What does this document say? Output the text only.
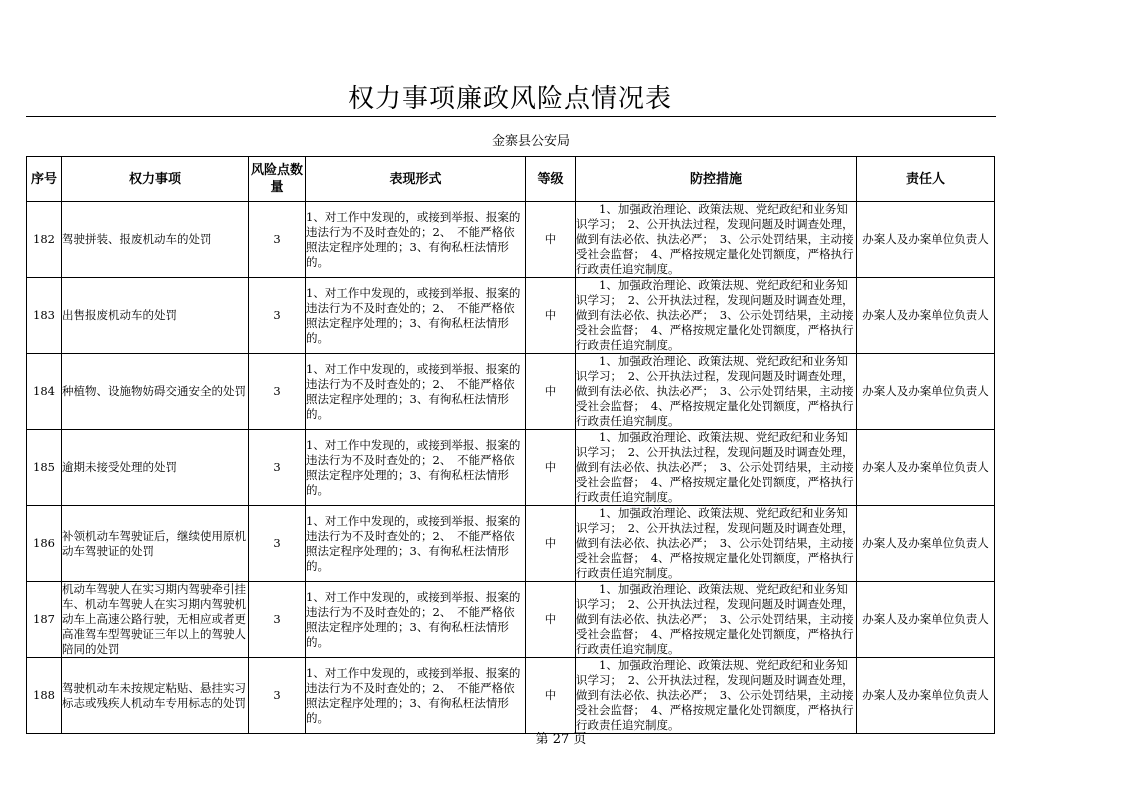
权力事项廉政风险点情况表
金寨县公安局
序号	权力事项	风险点数量	表现形式	等级	防控措施	责任人
182	驾驶拼装、报废机动车的处罚	3	1、对工作中发现的，或接到举报、报案的违法行为不及时查处的；2、　不能严格依照法定程序处理的；3、有徇私枉法情形的。	中	　　1、加强政治理论、政策法规、党纪政纪和业务知识学习；　2、公开执法过程，发现问题及时调查处理，做到有法必依、执法必严；　3、公示处罚结果，主动接受社会监督；　4、严格按规定量化处罚额度，严格执行行政责任追究制度。	办案人及办案单位负责人
183	出售报废机动车的处罚	3	1、对工作中发现的，或接到举报、报案的违法行为不及时查处的；2、　不能严格依照法定程序处理的；3、有徇私枉法情形的。	中	　　1、加强政治理论、政策法规、党纪政纪和业务知识学习；　2、公开执法过程，发现问题及时调查处理，做到有法必依、执法必严；　3、公示处罚结果，主动接受社会监督；　4、严格按规定量化处罚额度，严格执行行政责任追究制度。	办案人及办案单位负责人
184	种植物、设施物妨碍交通安全的处罚	3	1、对工作中发现的，或接到举报、报案的违法行为不及时查处的；2、　不能严格依照法定程序处理的；3、有徇私枉法情形的。	中	　　1、加强政治理论、政策法规、党纪政纪和业务知识学习；　2、公开执法过程，发现问题及时调查处理，做到有法必依、执法必严；　3、公示处罚结果，主动接受社会监督；　4、严格按规定量化处罚额度，严格执行行政责任追究制度。	办案人及办案单位负责人
185	逾期未接受处理的处罚	3	1、对工作中发现的，或接到举报、报案的违法行为不及时查处的；2、　不能严格依照法定程序处理的；3、有徇私枉法情形的。	中	　　1、加强政治理论、政策法规、党纪政纪和业务知识学习；　2、公开执法过程，发现问题及时调查处理，做到有法必依、执法必严；　3、公示处罚结果，主动接受社会监督；　4、严格按规定量化处罚额度，严格执行行政责任追究制度。	办案人及办案单位负责人
186	补领机动车驾驶证后，继续使用原机动车驾驶证的处罚	3	1、对工作中发现的，或接到举报、报案的违法行为不及时查处的；2、　不能严格依照法定程序处理的；3、有徇私枉法情形的。	中	　　1、加强政治理论、政策法规、党纪政纪和业务知识学习；　2、公开执法过程，发现问题及时调查处理，做到有法必依、执法必严；　3、公示处罚结果，主动接受社会监督；　4、严格按规定量化处罚额度，严格执行行政责任追究制度。	办案人及办案单位负责人
187	机动车驾驶人在实习期内驾驶牵引挂车、机动车驾驶人在实习期内驾驶机动车上高速公路行驶，无相应或者更高准驾车型驾驶证三年以上的驾驶人陪同的处罚	3	1、对工作中发现的，或接到举报、报案的违法行为不及时查处的；2、　不能严格依照法定程序处理的；3、有徇私枉法情形的。	中	　　1、加强政治理论、政策法规、党纪政纪和业务知识学习；　2、公开执法过程，发现问题及时调查处理，做到有法必依、执法必严；　3、公示处罚结果，主动接受社会监督；　4、严格按规定量化处罚额度，严格执行行政责任追究制度。	办案人及办案单位负责人
188	驾驶机动车未按规定粘贴、悬挂实习标志或残疾人机动车专用标志的处罚	3	1、对工作中发现的，或接到举报、报案的违法行为不及时查处的；2、　不能严格依照法定程序处理的；3、有徇私枉法情形的。	中	　　1、加强政治理论、政策法规、党纪政纪和业务知识学习；　2、公开执法过程，发现问题及时调查处理，做到有法必依、执法必严；　3、公示处罚结果，主动接受社会监督；　4、严格按规定量化处罚额度，严格执行行政责任追究制度。	办案人及办案单位负责人
第 27 页
